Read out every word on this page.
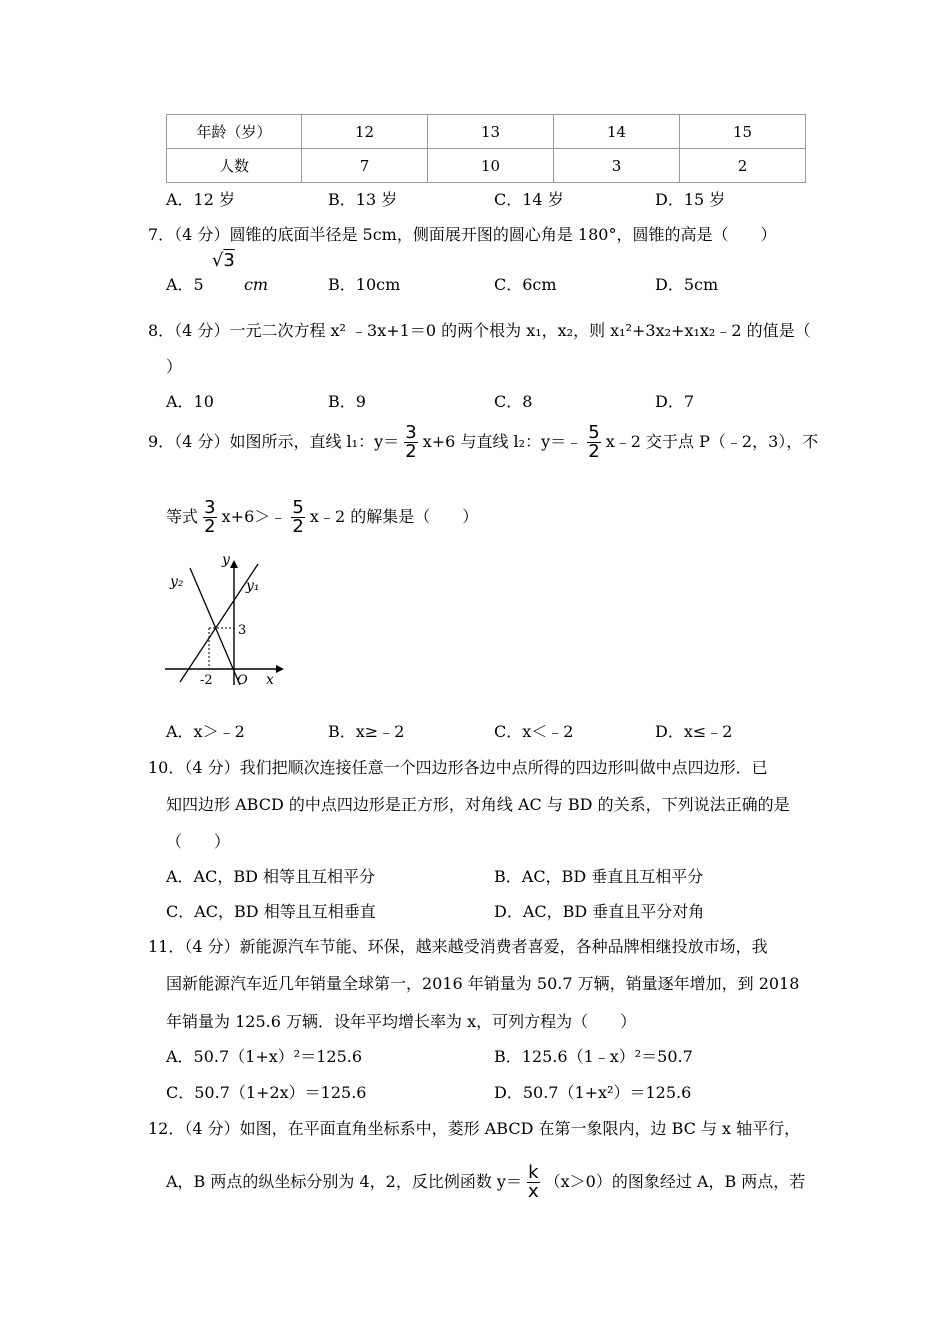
年龄（岁）	12	13	14	15
人数	7	10	3	2
A．12 岁	B．13 岁	C．14 岁	D．15 岁
7．（4 分）圆锥的底面半径是 5cm，侧面展开图的圆心角是 180°，圆锥的高是（　　）
A．5
√3
cm	B．10cm	C．6cm	D．5cm
8．（4 分）一元二次方程 x² ﹣3x+1＝0 的两个根为 x₁，x₂，则 x₁²+3x₂+x₁x₂﹣2 的值是（
）
A．10	B．9	C．8	D．7
9．（4 分）如图所示，直线 l₁：$y= \frac{3}{2} x+6$ 与直线 l₂：y＝﹣ $\frac{5}{2}$ x﹣2 交于点 P（﹣2，3），不
等式 $\frac{3}{2}$ x+6＞﹣ $\frac{5}{2}$ x﹣2 的解集是（　　）
y
y₁
y₂
3
-2 O x
A．x＞﹣2	B．x≥﹣2	C．x＜﹣2	D．x≤﹣2
10．（4 分）我们把顺次连接任意一个四边形各边中点所得的四边形叫做中点四边形．已
知四边形 ABCD 的中点四边形是正方形，对角线 AC 与 BD 的关系，下列说法正确的是
（　　）
A．AC，BD 相等且互相平分	B．AC，BD 垂直且互相平分
C．AC，BD 相等且互相垂直	D．AC，BD 垂直且平分对角
11．（4 分）新能源汽车节能、环保，越来越受消费者喜爱，各种品牌相继投放市场，我
国新能源汽车近几年销量全球第一，2016 年销量为 50.7 万辆，销量逐年增加，到 2018
年销量为 125.6 万辆．设年平均增长率为 x，可列方程为（　　）
A．50.7（1+x）²＝125.6	B．125.6（1﹣x）²＝50.7
C．50.7（1+2x）＝125.6	D．50.7（1+x²）＝125.6
12．（4 分）如图，在平面直角坐标系中，菱形 ABCD 在第一象限内，边 BC 与 x 轴平行，
A，B 两点的纵坐标分别为 4，2，反比例函数 $y= \frac{k}{x} (x>0)$的图象经过 A，B 两点，若
